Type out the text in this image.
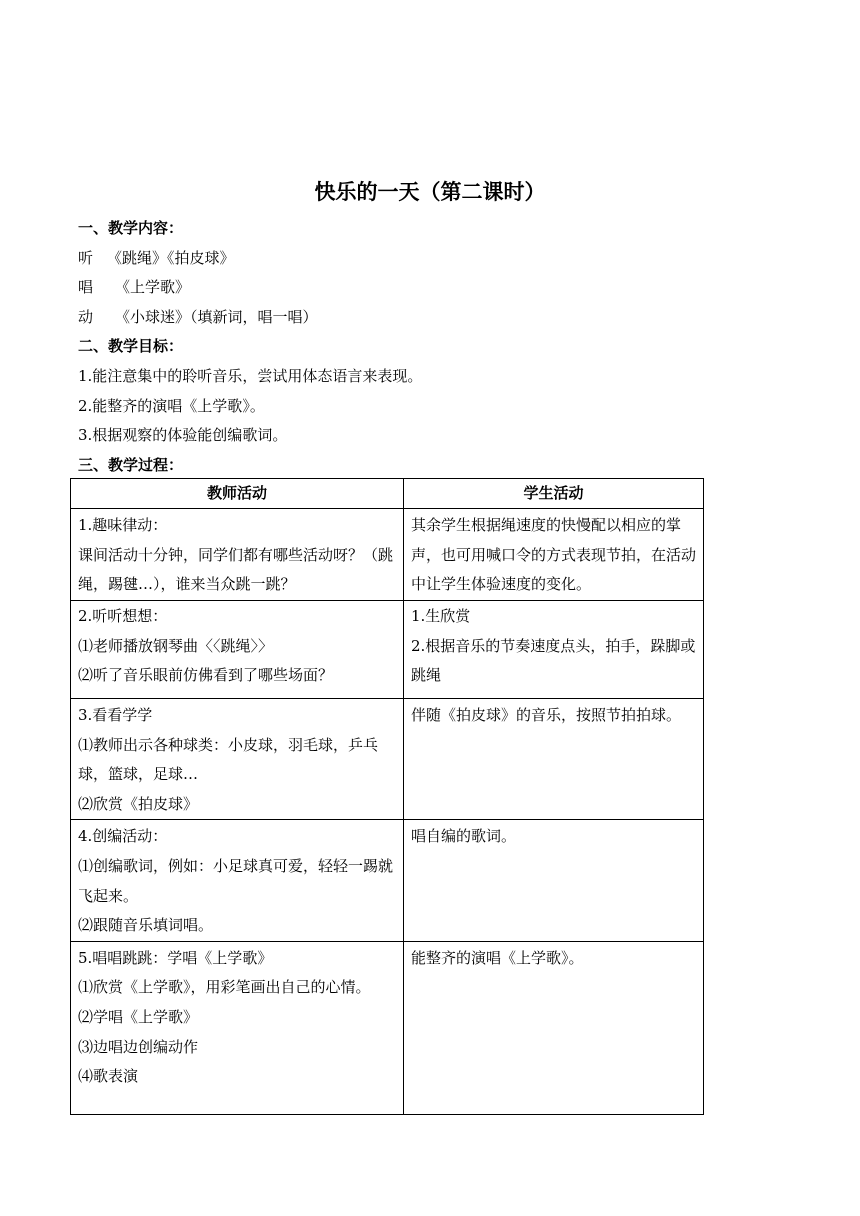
快乐的一天（第二课时）
一、教学内容：
听 《跳绳》《拍皮球》
唱 《上学歌》
动 《小球迷》（填新词，唱一唱）
二、教学目标：
1.能注意集中的聆听音乐，尝试用体态语言来表现。
2.能整齐的演唱《上学歌》。
3.根据观察的体验能创编歌词。
三、教学过程：
教师活动	学生活动

1.趣味律动：
课间活动十分钟，同学们都有哪些活动呀？（跳绳，踢毽…），谁来当众跳一跳？	其余学生根据绳速度的快慢配以相应的掌声，也可用喊口令的方式表现节拍，在活动中让学生体验速度的变化。

2.听听想想：
⑴老师播放钢琴曲〈〈跳绳〉〉
⑵听了音乐眼前仿佛看到了哪些场面？	1.生欣赏
2.根据音乐的节奏速度点头，拍手，跺脚或跳绳

3.看看学学
⑴教师出示各种球类：小皮球，羽毛球，乒乓球，篮球，足球…
⑵欣赏《拍皮球》	伴随《拍皮球》的音乐，按照节拍拍球。

4.创编活动：
⑴创编歌词，例如：小足球真可爱，轻轻一踢就飞起来。
⑵跟随音乐填词唱。	唱自编的歌词。

5.唱唱跳跳：学唱《上学歌》
⑴欣赏《上学歌》，用彩笔画出自己的心情。
⑵学唱《上学歌》
⑶边唱边创编动作
⑷歌表演	能整齐的演唱《上学歌》。
